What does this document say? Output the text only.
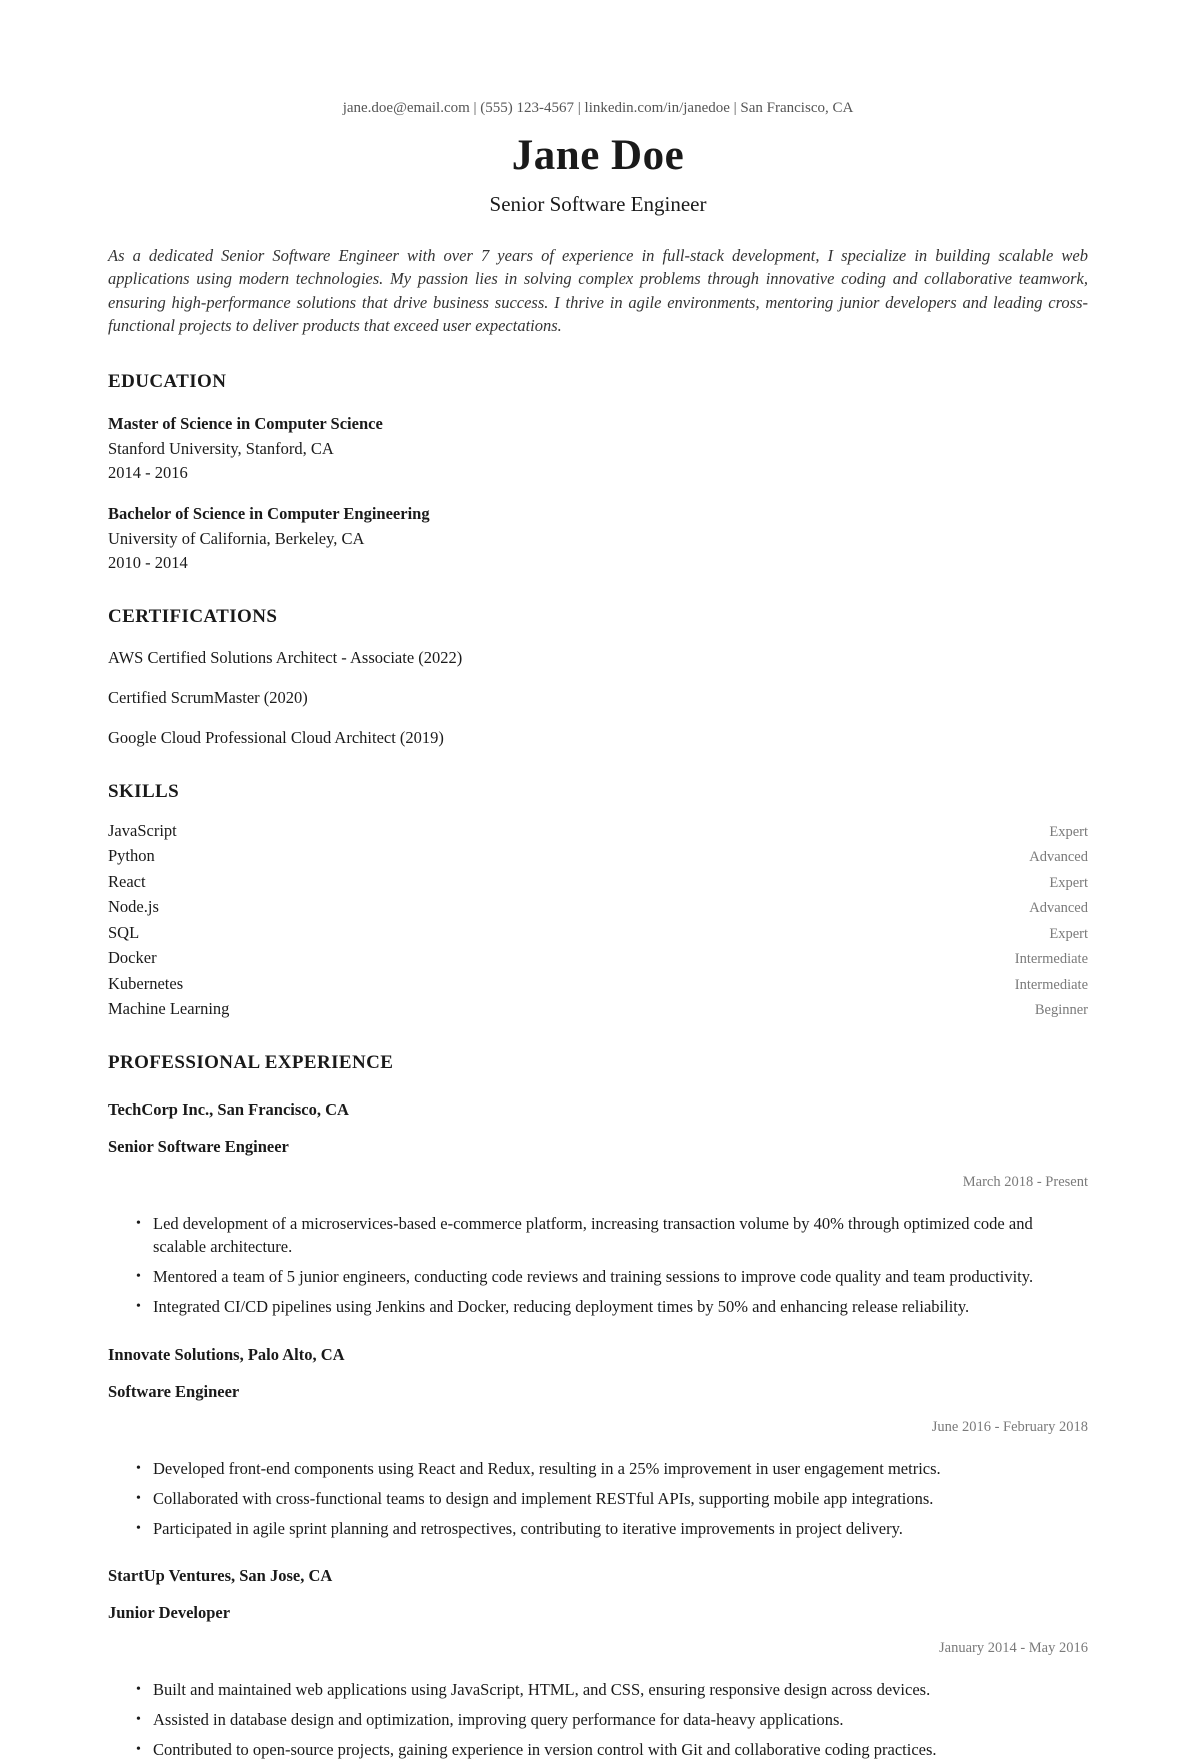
jane.doe@email.com | (555) 123-4567 | linkedin.com/in/janedoe | San Francisco, CA
Jane Doe
Senior Software Engineer

As a dedicated Senior Software Engineer with over 7 years of experience in full-stack development, I specialize in building scalable web applications using modern technologies. My passion lies in solving complex problems through innovative coding and collaborative teamwork, ensuring high-performance solutions that drive business success. I thrive in agile environments, mentoring junior developers and leading cross-functional projects to deliver products that exceed user expectations.

EDUCATION
Master of Science in Computer Science
Stanford University, Stanford, CA
2014 - 2016
Bachelor of Science in Computer Engineering
University of California, Berkeley, CA
2010 - 2014
CERTIFICATIONS
AWS Certified Solutions Architect - Associate (2022)
Certified ScrumMaster (2020)
Google Cloud Professional Cloud Architect (2019)
SKILLS
JavaScript	Expert
Python	Advanced
React	Expert
Node.js	Advanced
SQL	Expert
Docker	Intermediate
Kubernetes	Intermediate
Machine Learning	Beginner
PROFESSIONAL EXPERIENCE
TechCorp Inc., San Francisco, CA
Senior Software Engineer
March 2018 - Present
• Led development of a microservices-based e-commerce platform, increasing transaction volume by 40% through optimized code and scalable architecture.
• Mentored a team of 5 junior engineers, conducting code reviews and training sessions to improve code quality and team productivity.
• Integrated CI/CD pipelines using Jenkins and Docker, reducing deployment times by 50% and enhancing release reliability.
Innovate Solutions, Palo Alto, CA
Software Engineer
June 2016 - February 2018
• Developed front-end components using React and Redux, resulting in a 25% improvement in user engagement metrics.
• Collaborated with cross-functional teams to design and implement RESTful APIs, supporting mobile app integrations.
• Participated in agile sprint planning and retrospectives, contributing to iterative improvements in project delivery.
StartUp Ventures, San Jose, CA
Junior Developer
January 2014 - May 2016
• Built and maintained web applications using JavaScript, HTML, and CSS, ensuring responsive design across devices.
• Assisted in database design and optimization, improving query performance for data-heavy applications.
• Contributed to open-source projects, gaining experience in version control with Git and collaborative coding practices.
